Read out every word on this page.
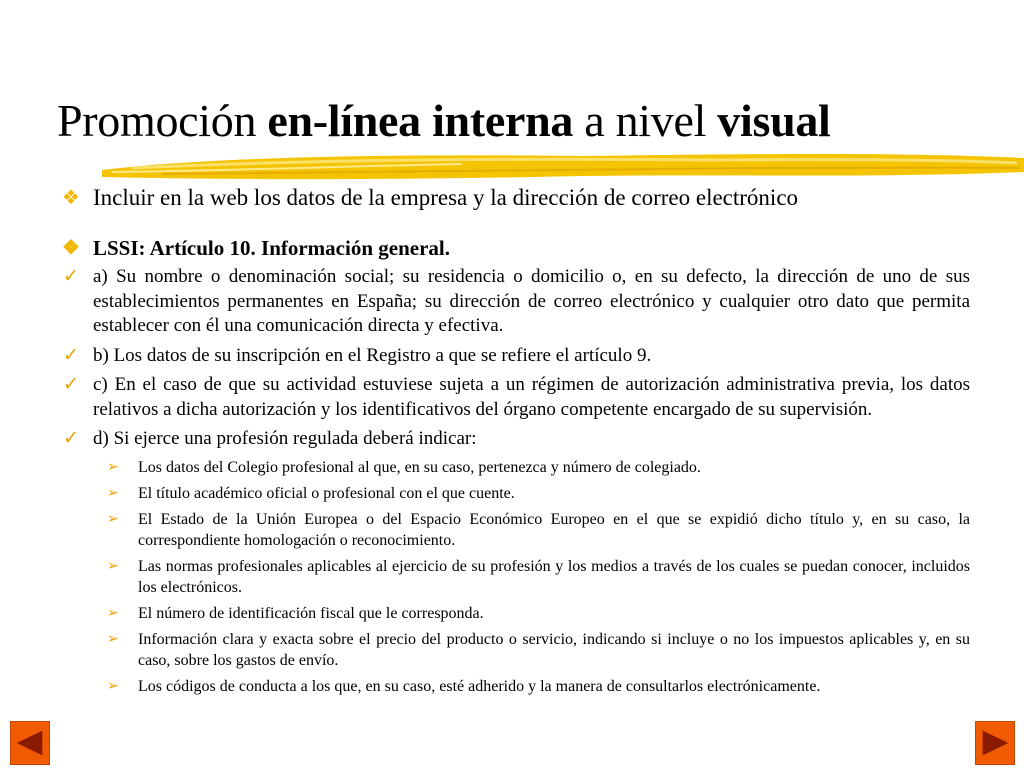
Promoción en-línea interna a nivel visual
❖ Incluir en la web los datos de la empresa y la dirección de correo electrónico
❖ LSSI: Artículo 10. Información general.
✓ a) Su nombre o denominación social; su residencia o domicilio o, en su defecto, la dirección de uno de sus establecimientos permanentes en España; su dirección de correo electrónico y cualquier otro dato que permita establecer con él una comunicación directa y efectiva.
✓ b) Los datos de su inscripción en el Registro a que se refiere el artículo 9.
✓ c) En el caso de que su actividad estuviese sujeta a un régimen de autorización administrativa previa, los datos relativos a dicha autorización y los identificativos del órgano competente encargado de su supervisión.
✓ d) Si ejerce una profesión regulada deberá indicar:
➢ Los datos del Colegio profesional al que, en su caso, pertenezca y número de colegiado.
➢ El título académico oficial o profesional con el que cuente.
➢ El Estado de la Unión Europea o del Espacio Económico Europeo en el que se expidió dicho título y, en su caso, la correspondiente homologación o reconocimiento.
➢ Las normas profesionales aplicables al ejercicio de su profesión y los medios a través de los cuales se puedan conocer, incluidos los electrónicos.
➢ El número de identificación fiscal que le corresponda.
➢ Información clara y exacta sobre el precio del producto o servicio, indicando si incluye o no los impuestos aplicables y, en su caso, sobre los gastos de envío.
➢ Los códigos de conducta a los que, en su caso, esté adherido y la manera de consultarlos electrónicamente.
